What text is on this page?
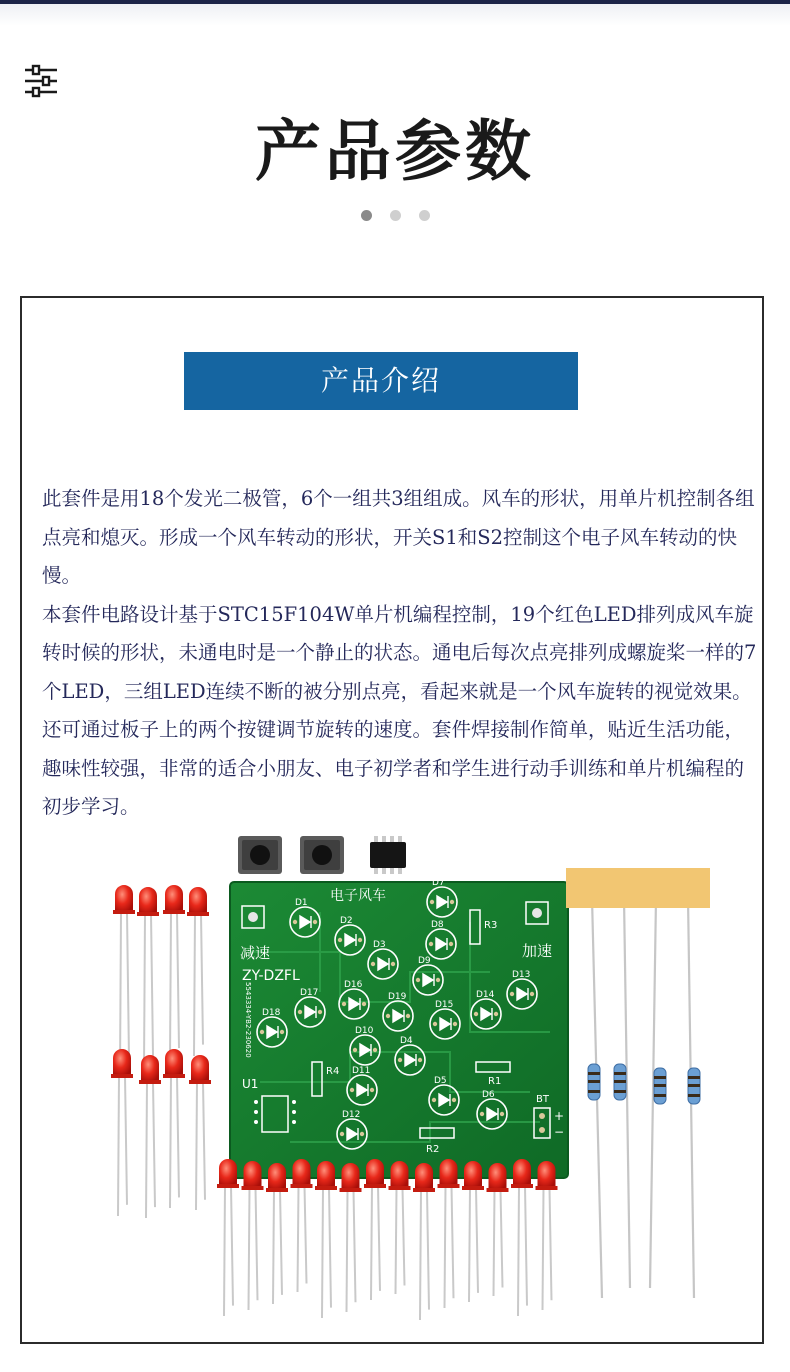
产品参数
产品介绍

此套件是用18个发光二极管，6个一组共3组组成。风车的形状，用单片机控制各组点亮和熄灭。形成一个风车转动的形状，开关S1和S2控制这个电子风车转动的快慢。

本套件电路设计基于STC15F104W单片机编程控制，19个红色LED排列成风车旋转时候的形状，未通电时是一个静止的状态。通电后每次点亮排列成螺旋桨一样的7个LED，三组LED连续不断的被分别点亮，看起来就是一个风车旋转的视觉效果。还可通过板子上的两个按键调节旋转的速度。套件焊接制作简单，贴近生活功能，趣味性较强，非常的适合小朋友、电子初学者和学生进行动手训练和单片机编程的初步学习。

电子风车
减速	加速
ZY-DZFL
5543334-YB2-230620
D1
D2
D3
D9
D7
D8
D13
D14
D15
D19
D16
D17
D18
D10
D4
D11
D5
D6
D12
R3
R4
R1
R2
U1
BT
+
−
